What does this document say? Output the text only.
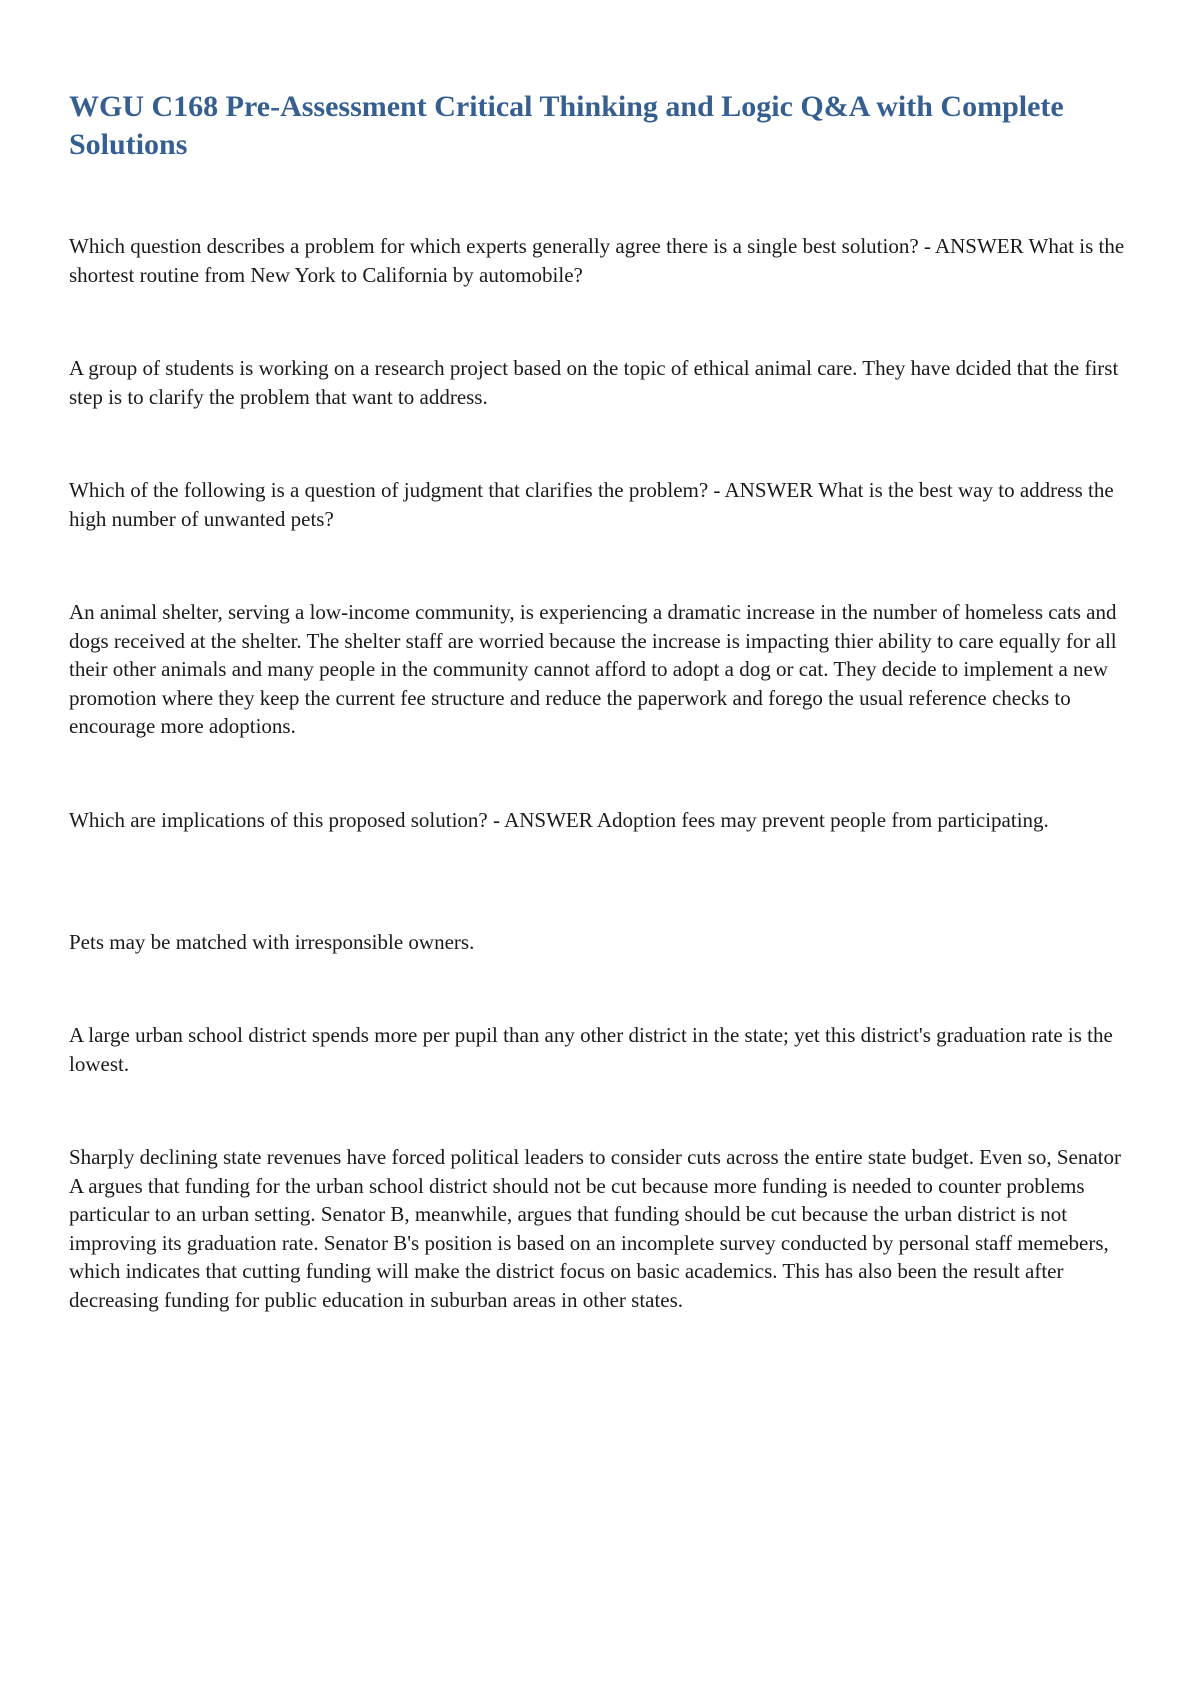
WGU C168 Pre-Assessment Critical Thinking and Logic Q&A with Complete Solutions

Which question describes a problem for which experts generally agree there is a single best solution? - ANSWER What is the shortest routine from New York to California by automobile?

A group of students is working on a research project based on the topic of ethical animal care. They have dcided that the first step is to clarify the problem that want to address.

Which of the following is a question of judgment that clarifies the problem? - ANSWER What is the best way to address the high number of unwanted pets?

An animal shelter, serving a low-income community, is experiencing a dramatic increase in the number of homeless cats and dogs received at the shelter. The shelter staff are worried because the increase is impacting thier ability to care equally for all their other animals and many people in the community cannot afford to adopt a dog or cat. They decide to implement a new promotion where they keep the current fee structure and reduce the paperwork and forego the usual reference checks to encourage more adoptions.

Which are implications of this proposed solution? - ANSWER Adoption fees may prevent people from participating.

Pets may be matched with irresponsible owners.

A large urban school district spends more per pupil than any other district in the state; yet this district's graduation rate is the lowest.

Sharply declining state revenues have forced political leaders to consider cuts across the entire state budget. Even so, Senator A argues that funding for the urban school district should not be cut because more funding is needed to counter problems particular to an urban setting. Senator B, meanwhile, argues that funding should be cut because the urban district is not improving its graduation rate. Senator B's position is based on an incomplete survey conducted by personal staff memebers, which indicates that cutting funding will make the district focus on basic academics. This has also been the result after decreasing funding for public education in suburban areas in other states.
